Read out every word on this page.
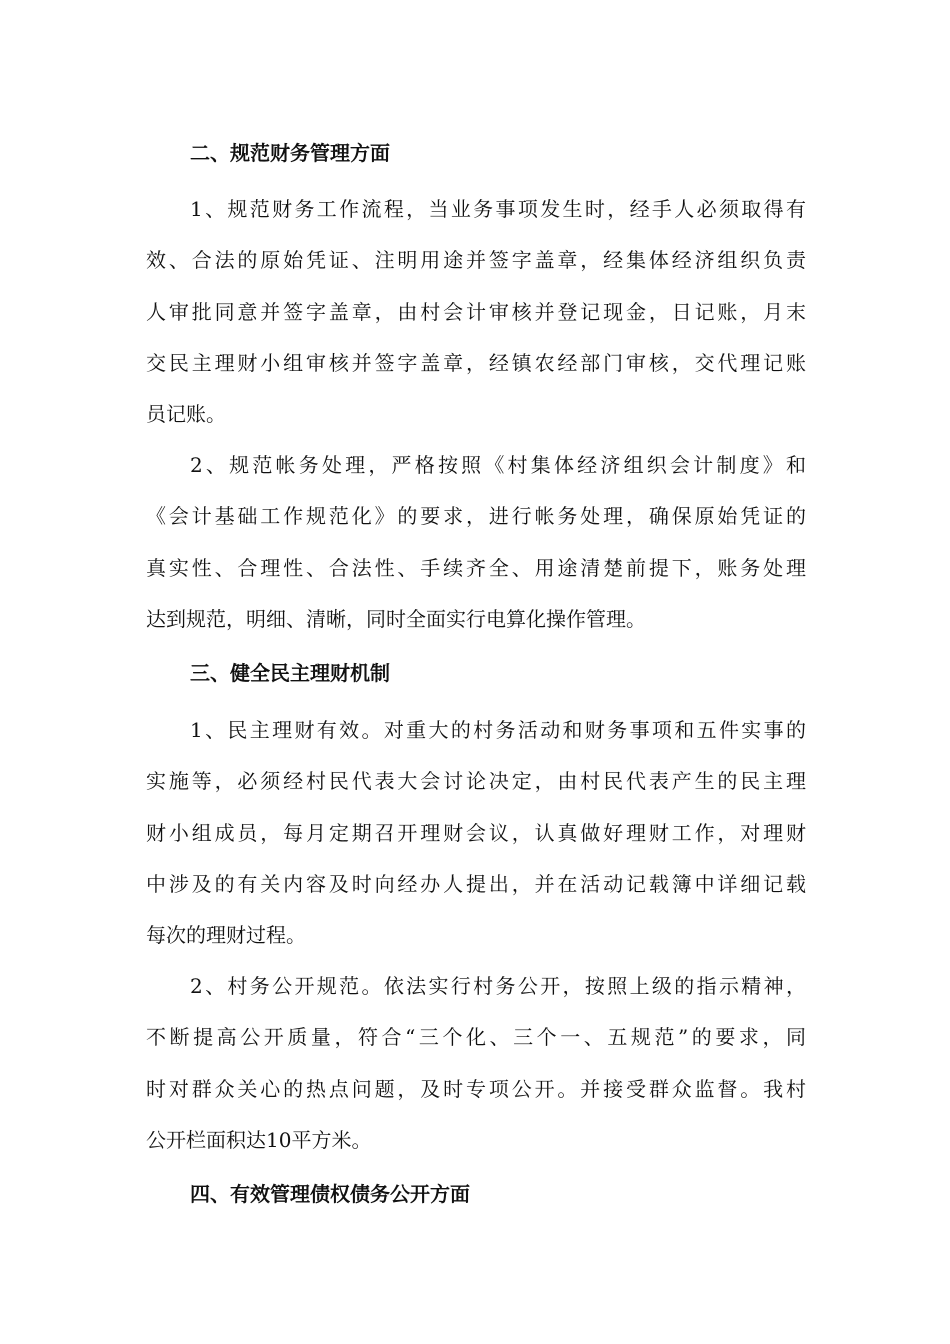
二、规范财务管理方面
1、规范财务工作流程，当业务事项发生时，经手人必须取得有
效、合法的原始凭证、注明用途并签字盖章，经集体经济组织负责
人审批同意并签字盖章，由村会计审核并登记现金，日记账，月末
交民主理财小组审核并签字盖章，经镇农经部门审核，交代理记账
员记账。
2、规范帐务处理，严格按照《村集体经济组织会计制度》和
《会计基础工作规范化》的要求，进行帐务处理，确保原始凭证的
真实性、合理性、合法性、手续齐全、用途清楚前提下，账务处理
达到规范，明细、清晰，同时全面实行电算化操作管理。
三、健全民主理财机制
1、民主理财有效。对重大的村务活动和财务事项和五件实事的
实施等，必须经村民代表大会讨论决定，由村民代表产生的民主理
财小组成员，每月定期召开理财会议，认真做好理财工作，对理财
中涉及的有关内容及时向经办人提出，并在活动记载簿中详细记载
每次的理财过程。
2、村务公开规范。依法实行村务公开，按照上级的指示精神，
不断提高公开质量，符合“三个化、三个一、五规范”的要求，同
时对群众关心的热点问题，及时专项公开。并接受群众监督。我村
公开栏面积达10平方米。
四、有效管理债权债务公开方面
